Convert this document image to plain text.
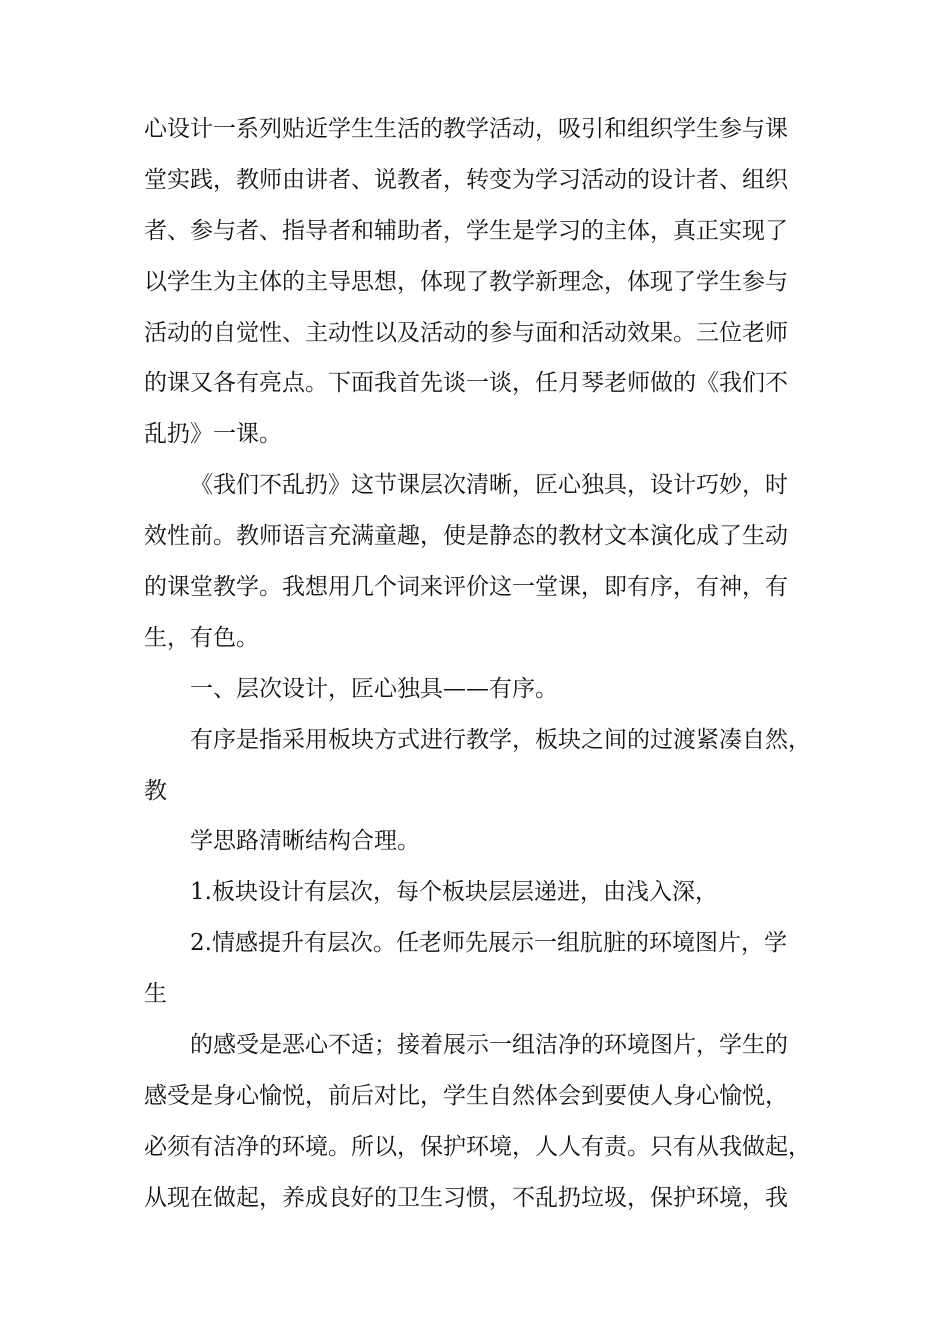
心设计一系列贴近学生生活的教学活动，吸引和组织学生参与课
堂实践，教师由讲者、说教者，转变为学习活动的设计者、组织
者、参与者、指导者和辅助者，学生是学习的主体，真正实现了
以学生为主体的主导思想，体现了教学新理念，体现了学生参与
活动的自觉性、主动性以及活动的参与面和活动效果。三位老师
的课又各有亮点。下面我首先谈一谈，任月琴老师做的《我们不
乱扔》一课。
《我们不乱扔》这节课层次清晰，匠心独具，设计巧妙，时
效性前。教师语言充满童趣，使是静态的教材文本演化成了生动
的课堂教学。我想用几个词来评价这一堂课，即有序，有神，有
生，有色。
一、层次设计，匠心独具——有序。
有序是指采用板块方式进行教学，板块之间的过渡紧凑自然，
教
学思路清晰结构合理。
1.板块设计有层次，每个板块层层递进，由浅入深，
2.情感提升有层次。任老师先展示一组肮脏的环境图片，学
生
的感受是恶心不适；接着展示一组洁净的环境图片，学生的
感受是身心愉悦，前后对比，学生自然体会到要使人身心愉悦，
必须有洁净的环境。所以，保护环境，人人有责。只有从我做起，
从现在做起，养成良好的卫生习惯，不乱扔垃圾，保护环境，我
